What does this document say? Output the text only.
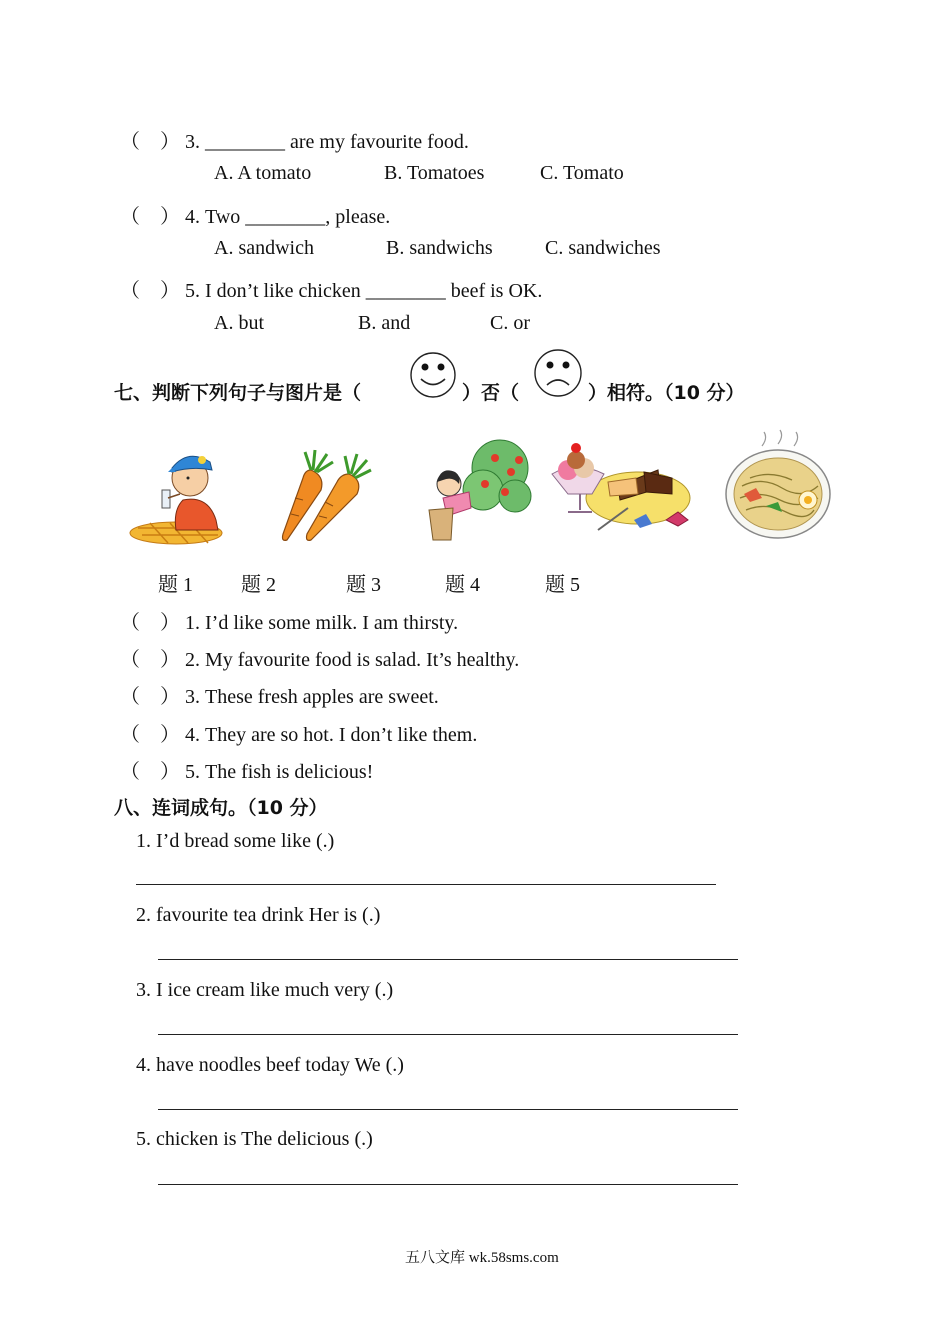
（　） 3. ________ are my favourite food.
A. A tomato	B. Tomatoes	C. Tomato
（　） 4. Two ________, please.
A. sandwich	B. sandwichs	C. sandwiches
（　） 5. I don’t like chicken ________ beef is OK.
A. but	B. and	C. or
七、判断下列句子与图片是（	）否（	）相符。（10 分）
题 1 题 2	题 3	题 4	题 5
（　） 1. I’d like some milk. I am thirsty.
（　） 2. My favourite food is salad. It’s healthy.
（　） 3. These fresh apples are sweet.
（　） 4. They are so hot. I don’t like them.
（　） 5. The fish is delicious!
八、连词成句。（10 分）
1. I’d bread some like (.)
2. favourite tea drink Her is (.)
3. I ice cream like much very (.)
4. have noodles beef today We (.)
5. chicken is The delicious (.)
五八文库 wk.58sms.com
